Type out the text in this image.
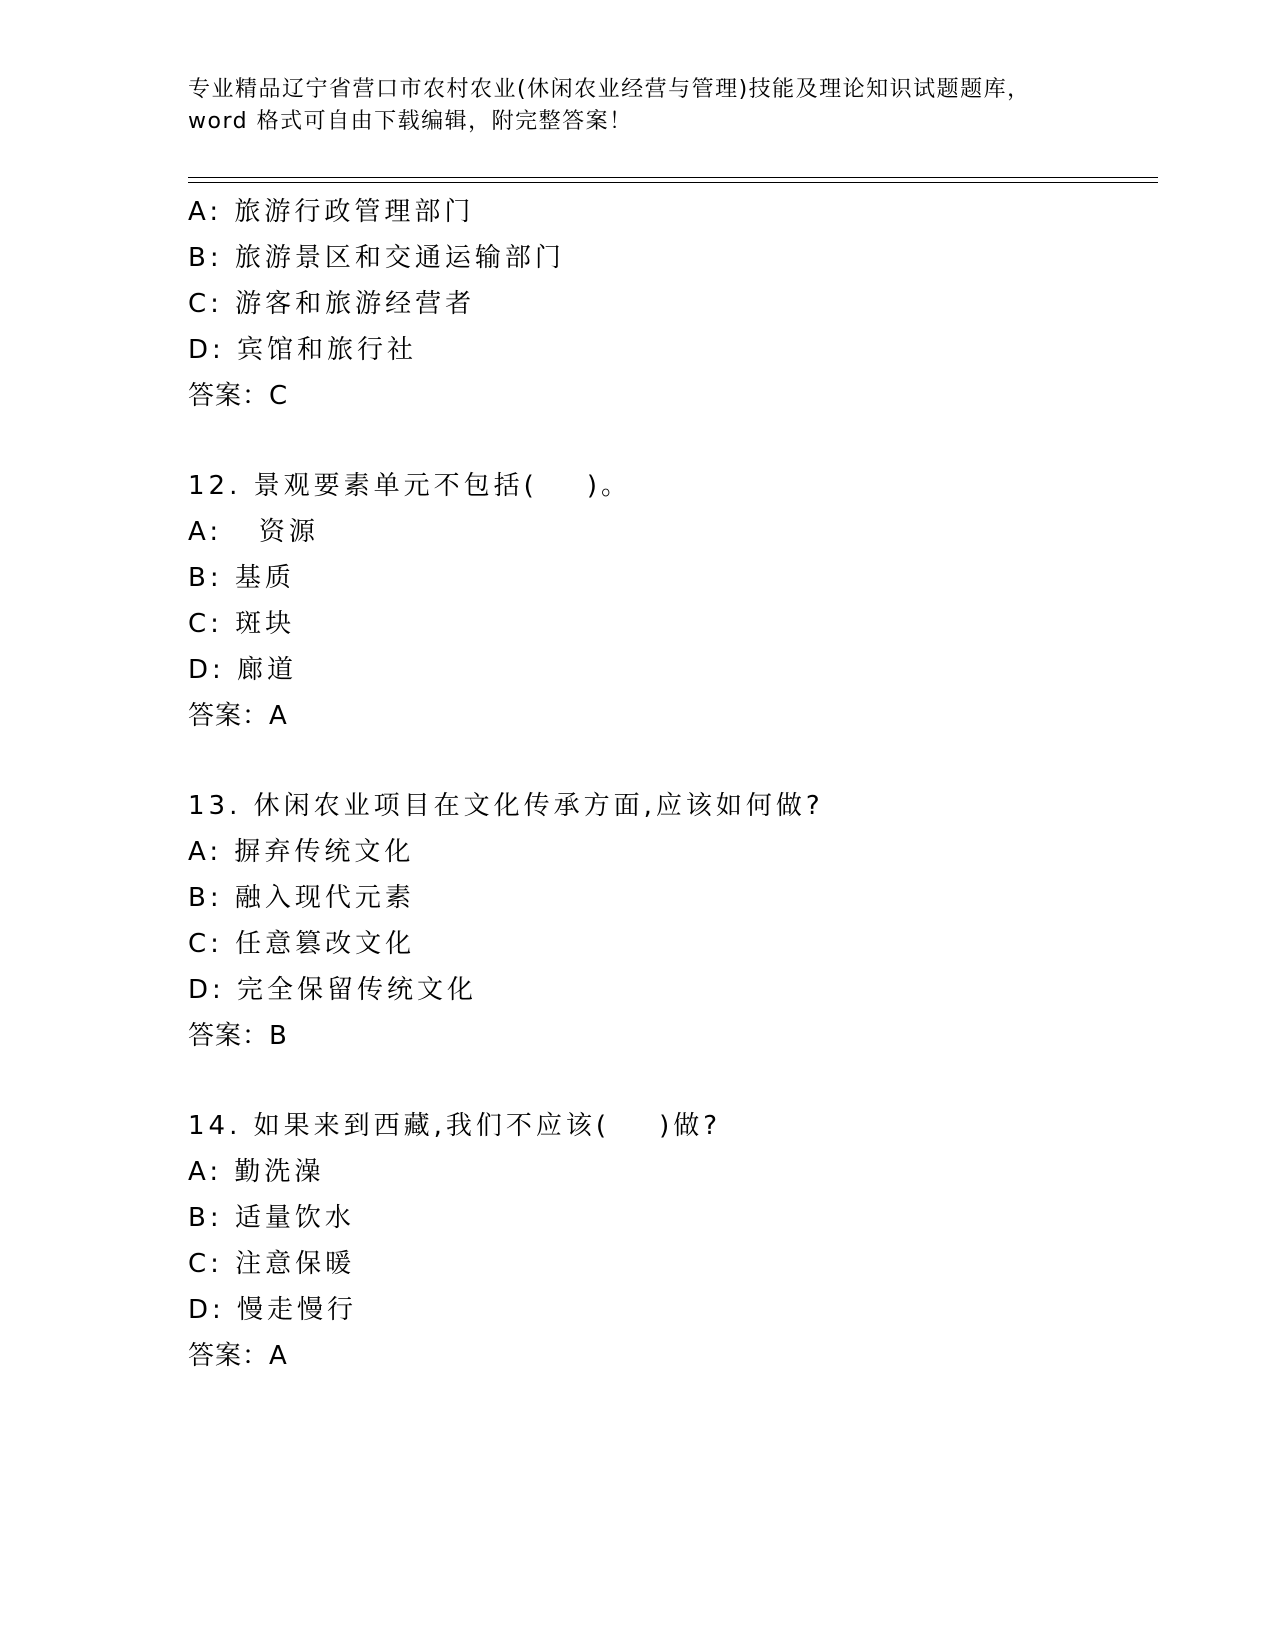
专业精品辽宁省营口市农村农业(休闲农业经营与管理)技能及理论知识试题题库，
word 格式可自由下载编辑，附完整答案！
A: 旅游行政管理部门
B: 旅游景区和交通运输部门
C: 游客和旅游经营者
D: 宾馆和旅行社
答案：C
12. 景观要素单元不包括(    )。
A:   资源
B: 基质
C: 斑块
D: 廊道
答案：A
13. 休闲农业项目在文化传承方面,应该如何做?
A: 摒弃传统文化
B: 融入现代元素
C: 任意篡改文化
D: 完全保留传统文化
答案：B
14. 如果来到西藏,我们不应该(    )做?
A: 勤洗澡
B: 适量饮水
C: 注意保暖
D: 慢走慢行
答案：A
